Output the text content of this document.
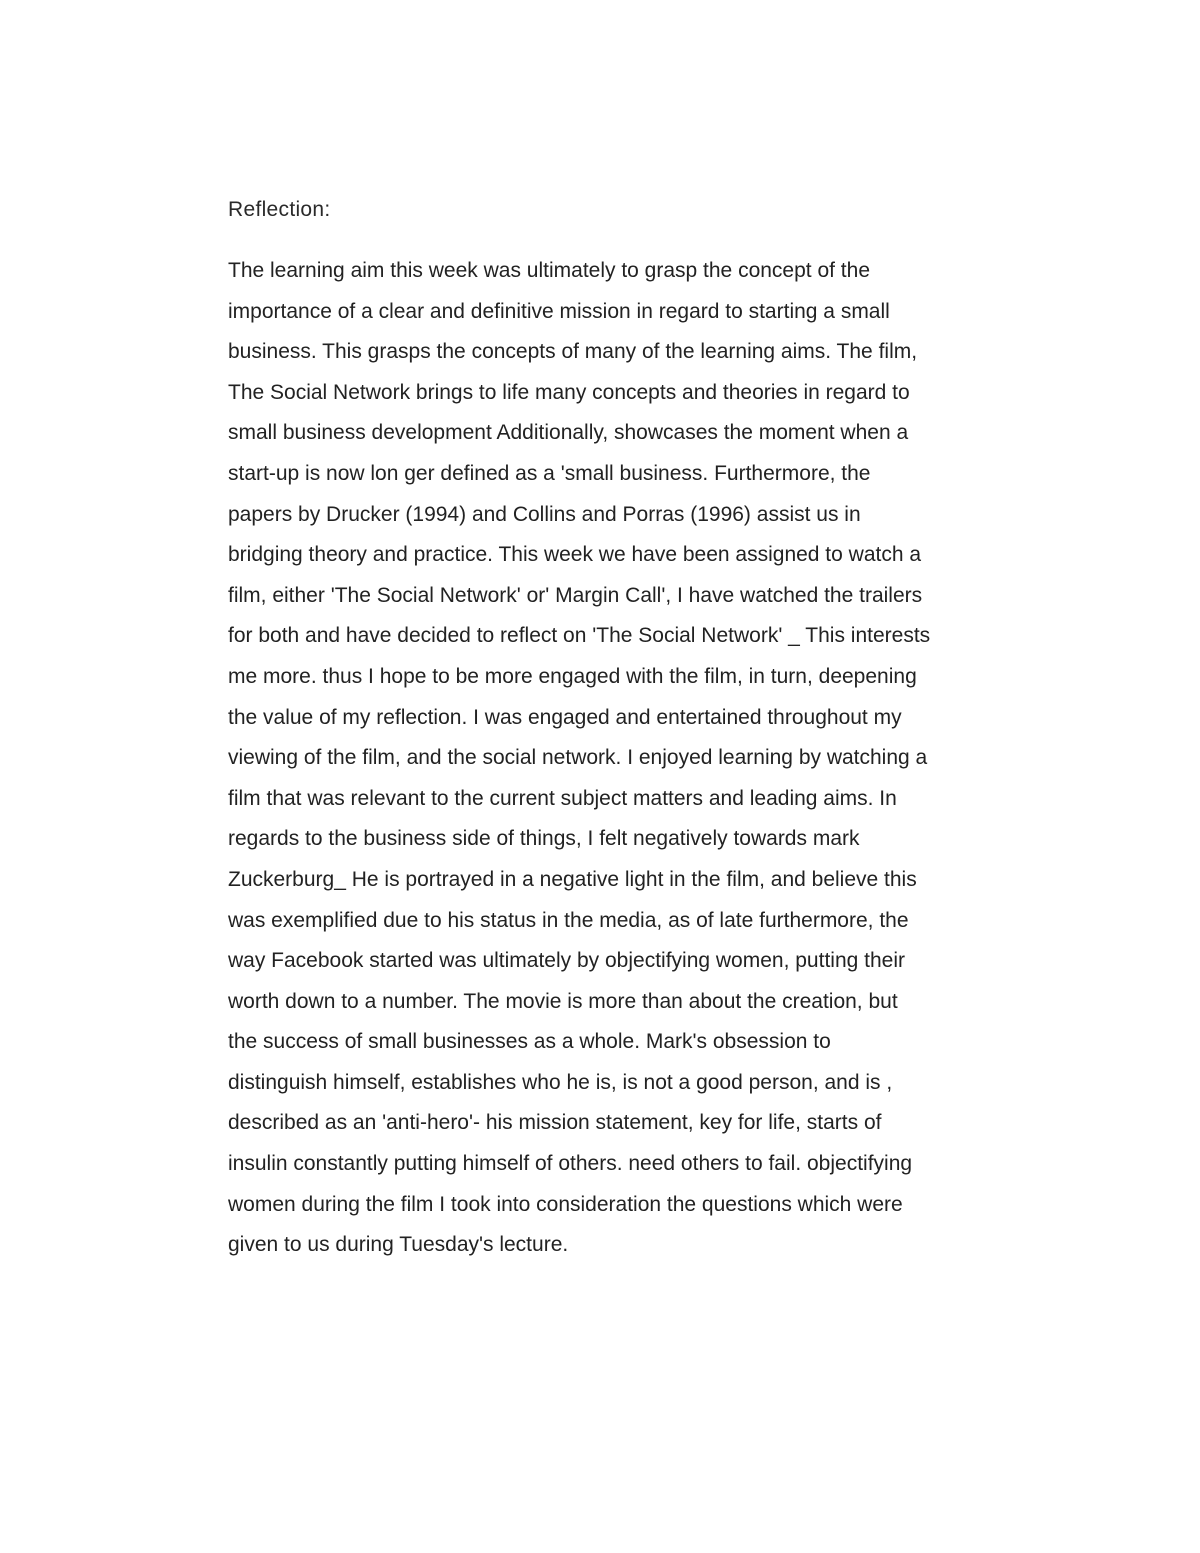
Reflection:
The learning aim this week was ultimately to grasp the concept of the
importance of a clear and definitive mission in regard to starting a small
business. This grasps the concepts of many of the learning aims. The film,
The Social Network brings to life many concepts and theories in regard to
small business development Additionally, showcases the moment when a
start-up is now lon ger defined as a 'small business. Furthermore, the
papers by Drucker (1994) and Collins and Porras (1996) assist us in
bridging theory and practice. This week we have been assigned to watch a
film, either 'The Social Network' or' Margin Call', I have watched the trailers
for both and have decided to reflect on 'The Social Network' _ This interests
me more. thus I hope to be more engaged with the film, in turn, deepening
the value of my reflection. I was engaged and entertained throughout my
viewing of the film, and the social network. I enjoyed learning by watching a
film that was relevant to the current subject matters and leading aims. In
regards to the business side of things, I felt negatively towards mark
Zuckerburg_ He is portrayed in a negative light in the film, and believe this
was exemplified due to his status in the media, as of late furthermore, the
way Facebook started was ultimately by objectifying women, putting their
worth down to a number. The movie is more than about the creation, but
the success of small businesses as a whole. Mark's obsession to
distinguish himself, establishes who he is, is not a good person, and is ,
described as an 'anti-hero'- his mission statement, key for life, starts of
insulin constantly putting himself of others. need others to fail. objectifying
women during the film I took into consideration the questions which were
given to us during Tuesday's lecture.
